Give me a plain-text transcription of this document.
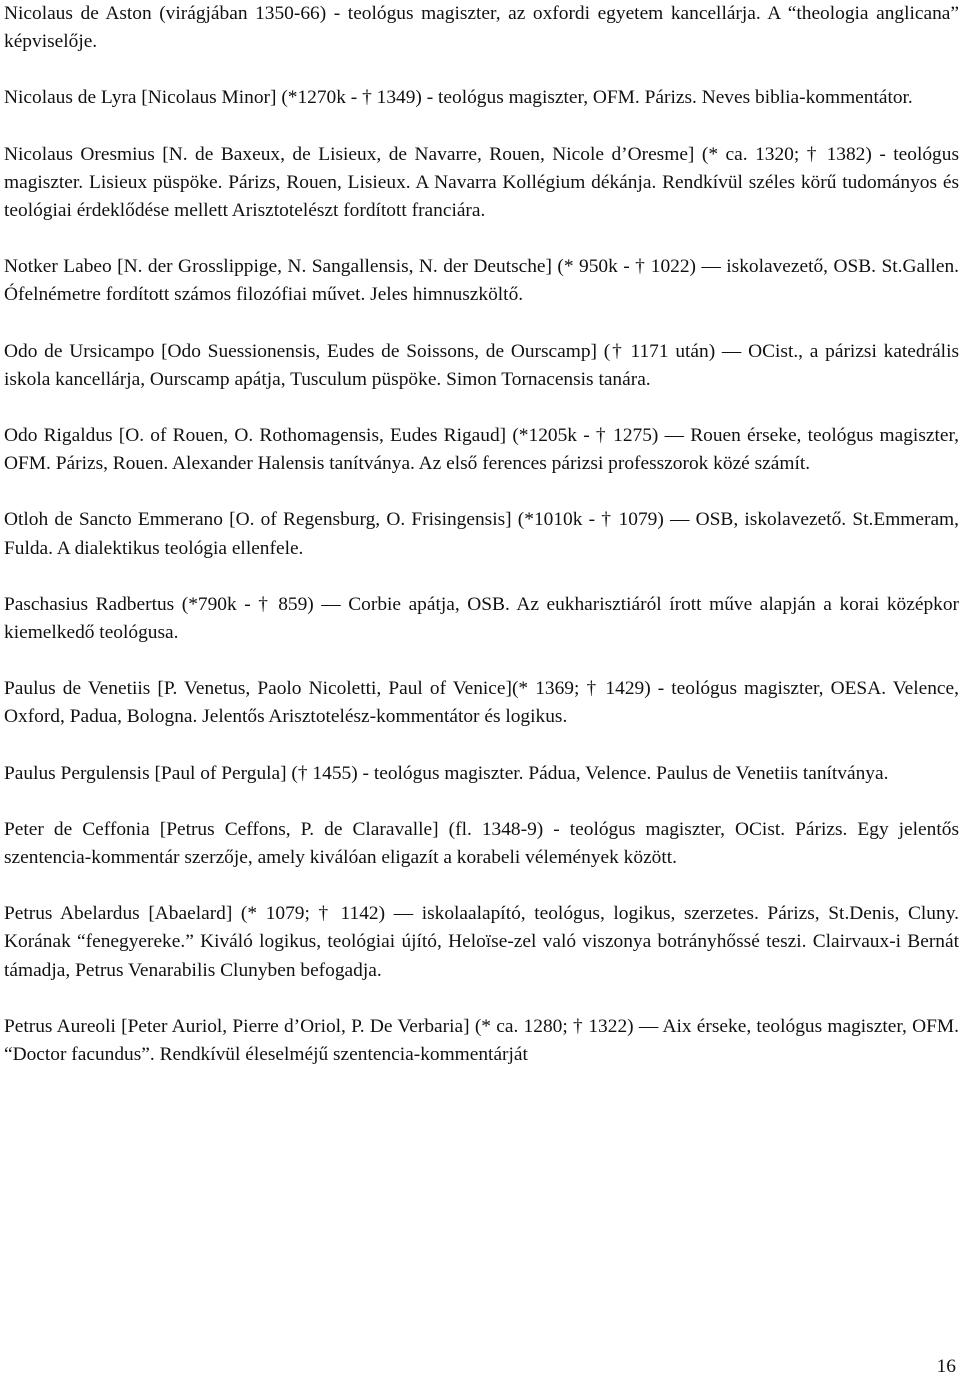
Nicolaus de Aston (virágjában 1350-66) - teológus magiszter, az oxfordi egyetem kancellárja. A “theologia anglicana” képviselője.

Nicolaus de Lyra [Nicolaus Minor] (*1270k - † 1349) - teológus magiszter, OFM. Párizs. Neves biblia-kommentátor.

Nicolaus Oresmius [N. de Baxeux, de Lisieux, de Navarre, Rouen, Nicole d’Oresme] (* ca. 1320; † 1382) - teológus magiszter. Lisieux püspöke. Párizs, Rouen, Lisieux. A Navarra Kollégium dékánja. Rendkívül széles körű tudományos és teológiai érdeklődése mellett Arisztotelészt fordított franciára.

Notker Labeo [N. der Grosslippige, N. Sangallensis, N. der Deutsche] (* 950k - † 1022) — iskolavezető, OSB. St.Gallen. Ófelnémetre fordított számos filozófiai művet. Jeles himnuszköltő.

Odo de Ursicampo [Odo Suessionensis, Eudes de Soissons, de Ourscamp] († 1171 után) — OCist., a párizsi katedrális iskola kancellárja, Ourscamp apátja, Tusculum püspöke. Simon Tornacensis tanára.

Odo Rigaldus [O. of Rouen, O. Rothomagensis, Eudes Rigaud] (*1205k - † 1275) — Rouen érseke, teológus magiszter, OFM. Párizs, Rouen. Alexander Halensis tanítványa. Az első ferences párizsi professzorok közé számít.

Otloh de Sancto Emmerano [O. of Regensburg, O. Frisingensis] (*1010k - † 1079) — OSB, iskolavezető. St.Emmeram, Fulda. A dialektikus teológia ellenfele.

Paschasius Radbertus (*790k - † 859) — Corbie apátja, OSB. Az eukharisztiáról írott műve alapján a korai középkor kiemelkedő teológusa.

Paulus de Venetiis [P. Venetus, Paolo Nicoletti, Paul of Venice](* 1369; † 1429) - teológus magiszter, OESA. Velence, Oxford, Padua, Bologna. Jelentős Arisztotelész-kommentátor és logikus.

Paulus Pergulensis [Paul of Pergula] († 1455) - teológus magiszter. Pádua, Velence. Paulus de Venetiis tanítványa.

Peter de Ceffonia [Petrus Ceffons, P. de Claravalle] (fl. 1348-9) - teológus magiszter, OCist. Párizs. Egy jelentős szentencia-kommentár szerzője, amely kiválóan eligazít a korabeli vélemények között.

Petrus Abelardus [Abaelard] (* 1079; † 1142) — iskolaalapító, teológus, logikus, szerzetes. Párizs, St.Denis, Cluny. Korának “fenegyereke.” Kiváló logikus, teológiai újító, Heloïse-zel való viszonya botrányhőssé teszi. Clairvaux-i Bernát támadja, Petrus Venarabilis Clunyben befogadja.

Petrus Aureoli [Peter Auriol, Pierre d’Oriol, P. De Verbaria] (* ca. 1280; † 1322) — Aix érseke, teológus magiszter, OFM. “Doctor facundus”. Rendkívül éleselméjű szentencia-kommentárját

16
